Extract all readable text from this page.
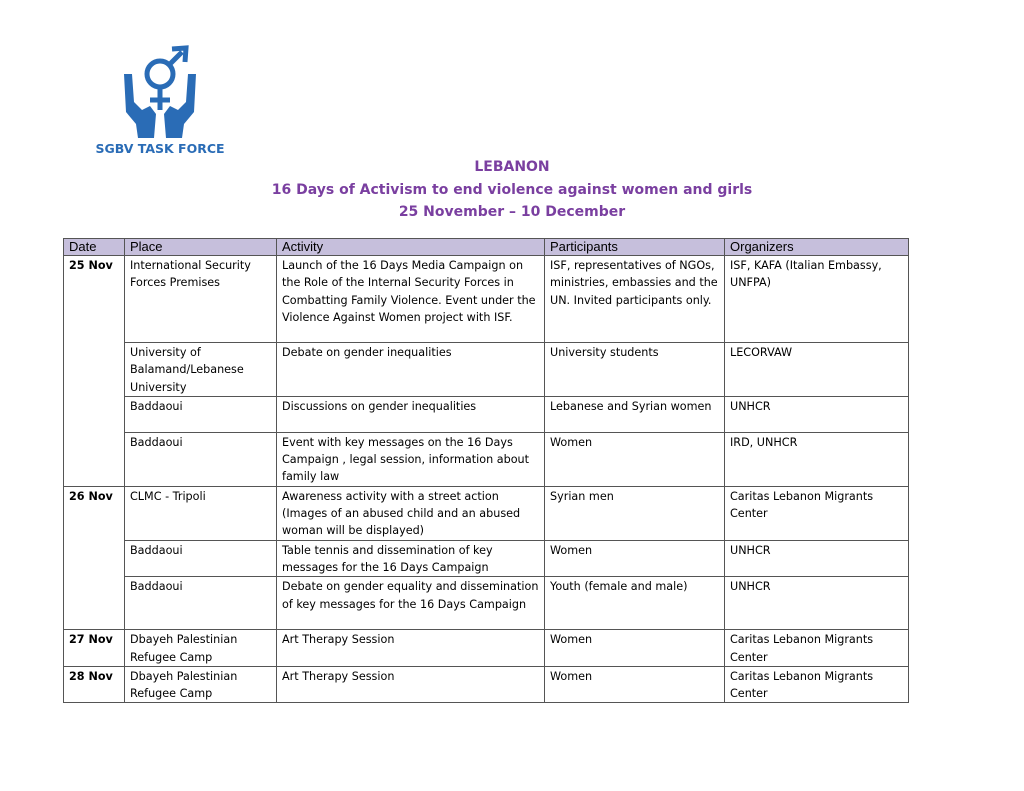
SGBV TASK FORCE
LEBANON
16 Days of Activism to end violence against women and girls
25 November – 10 December
Date	Place	Activity	Participants	Organizers
25 Nov	International Security Forces Premises	Launch of the 16 Days Media Campaign on the Role of the Internal Security Forces in Combatting Family Violence. Event under the Violence Against Women project with ISF.	ISF, representatives of NGOs, ministries, embassies and the UN. Invited participants only.	ISF, KAFA (Italian Embassy, UNFPA)
	University of Balamand/Lebanese University	Debate on gender inequalities	University students	LECORVAW
	Baddaoui	Discussions on gender inequalities	Lebanese and Syrian women	UNHCR
	Baddaoui	Event with key messages on the 16 Days Campaign , legal session, information about family law	Women	IRD, UNHCR
26 Nov	CLMC - Tripoli	Awareness activity with a street action (Images of an abused child and an abused woman will be displayed)	Syrian men	Caritas Lebanon Migrants Center
	Baddaoui	Table tennis and dissemination of key messages for the 16 Days Campaign	Women	UNHCR
	Baddaoui	Debate on gender equality and dissemination of key messages for the 16 Days Campaign	Youth (female and male)	UNHCR
27 Nov	Dbayeh Palestinian Refugee Camp	Art Therapy Session	Women	Caritas Lebanon Migrants Center
28 Nov	Dbayeh Palestinian Refugee Camp	Art Therapy Session	Women	Caritas Lebanon Migrants Center
